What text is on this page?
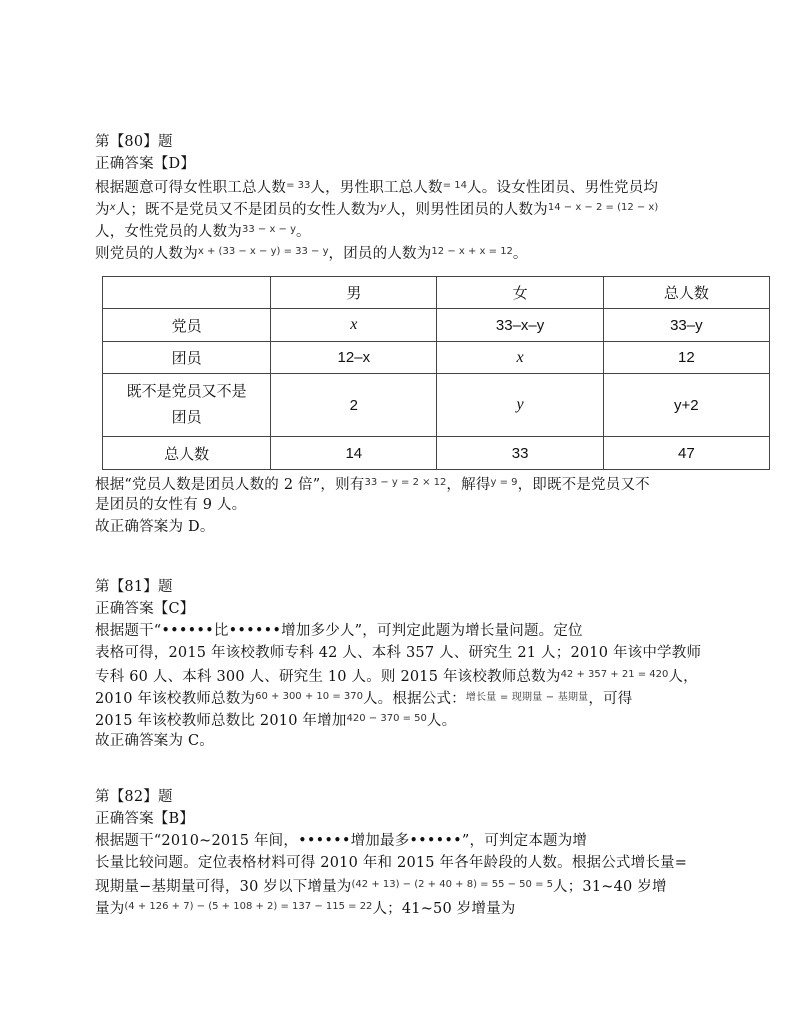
第【80】题
正确答案【D】
根据题意可得女性职工总人数$^{= 33}$人，男性职工总人数$^{= 14}$人。设女性团员、男性党员均
为$^x$人；既不是党员又不是团员的女性人数为$^y$人，则男性团员的人数为$^{14 - x - 2 = (12 - x)}$
人，女性党员的人数为$^{33 - x - y}$。
则党员的人数为$^{x + (33 - x - y) = 33 - y}$，团员的人数为$^{12 - x + x = 12}$。
	男	女	总人数
党员	x	33–x–y	33–y
团员	12–x	x	12

既不是党员又不是
团员	2	y	y+2
总人数	14	33	47
根据“党员人数是团员人数的 2 倍”，则有$^{33 - y = 2 \times 12}$，解得$^{y = 9}$，即既不是党员又不
是团员的女性有 9 人。
故正确答案为 D。
第【81】题
正确答案【C】
根据题干“••••••比••••••增加多少人”，可判定此题为增长量问题。定位
表格可得，2015 年该校教师专科 42 人、本科 357 人、研究生 21 人；2010 年该中学教师
专科 60 人、本科 300 人、研究生 10 人。则 2015 年该校教师总数为$^{42 + 357 + 21 = 420}$人，
2010 年该校教师总数为$^{60 + 300 + 10 = 370}$人。根据公式：$^{增长量 = 现期量 - 基期量}$，可得
2015 年该校教师总数比 2010 年增加$^{420 - 370 = 50}$人。
故正确答案为 C。
第【82】题
正确答案【B】
根据题干“2010~2015 年间，••••••增加最多••••••”，可判定本题为增
长量比较问题。定位表格材料可得 2010 年和 2015 年各年龄段的人数。根据公式增长量=
现期量−基期量可得，30 岁以下增量为$^{(42 + 13) - (2 + 40 + 8) = 55 - 50 = 5}$人；31~40 岁增
量为$^{(4 + 126 + 7) - (5 + 108 + 2) = 137 - 115 = 22}$人；41~50 岁增量为
